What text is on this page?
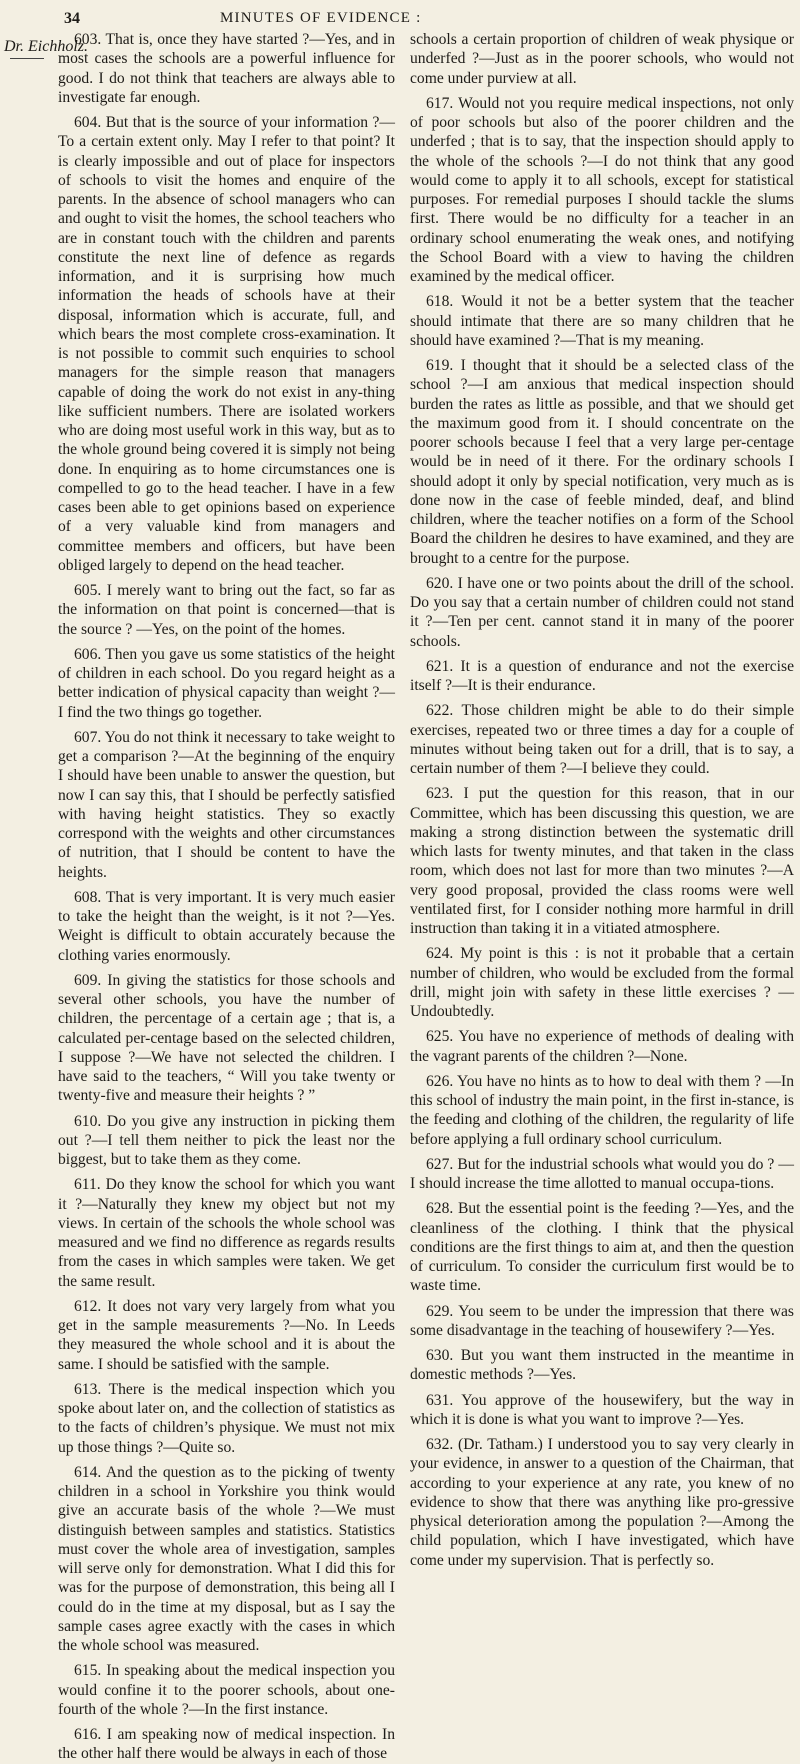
34	MINUTES OF EVIDENCE :
Dr. Eichholz.

603. That is, once they have started ?—Yes, and in most cases the schools are a powerful influence for good. I do not think that teachers are always able to investigate far enough.

604. But that is the source of your information ?—To a certain extent only. May I refer to that point? It is clearly impossible and out of place for inspectors of schools to visit the homes and enquire of the parents. In the absence of school managers who can and ought to visit the homes, the school teachers who are in constant touch with the children and parents constitute the next line of defence as regards information, and it is surprising how much information the heads of schools have at their disposal, information which is accurate, full, and which bears the most complete cross-examination. It is not possible to commit such enquiries to school managers for the simple reason that managers capable of doing the work do not exist in any-thing like sufficient numbers. There are isolated workers who are doing most useful work in this way, but as to the whole ground being covered it is simply not being done. In enquiring as to home circumstances one is compelled to go to the head teacher. I have in a few cases been able to get opinions based on experience of a very valuable kind from managers and committee members and officers, but have been obliged largely to depend on the head teacher.

605. I merely want to bring out the fact, so far as the information on that point is concerned—that is the source ? —Yes, on the point of the homes.

606. Then you gave us some statistics of the height of children in each school. Do you regard height as a better indication of physical capacity than weight ?—I find the two things go together.

607. You do not think it necessary to take weight to get a comparison ?—At the beginning of the enquiry I should have been unable to answer the question, but now I can say this, that I should be perfectly satisfied with having height statistics. They so exactly correspond with the weights and other circumstances of nutrition, that I should be content to have the heights.

608. That is very important. It is very much easier to take the height than the weight, is it not ?—Yes. Weight is difficult to obtain accurately because the clothing varies enormously.

609. In giving the statistics for those schools and several other schools, you have the number of children, the percentage of a certain age ; that is, a calculated per-centage based on the selected children, I suppose ?—We have not selected the children. I have said to the teachers, “ Will you take twenty or twenty-five and measure their heights ? ”

610. Do you give any instruction in picking them out ?—I tell them neither to pick the least nor the biggest, but to take them as they come.

611. Do they know the school for which you want it ?—Naturally they knew my object but not my views. In certain of the schools the whole school was measured and we find no difference as regards results from the cases in which samples were taken. We get the same result.

612. It does not vary very largely from what you get in the sample measurements ?—No. In Leeds they measured the whole school and it is about the same. I should be satisfied with the sample.

613. There is the medical inspection which you spoke about later on, and the collection of statistics as to the facts of children’s physique. We must not mix up those things ?—Quite so.

614. And the question as to the picking of twenty children in a school in Yorkshire you think would give an accurate basis of the whole ?—We must distinguish between samples and statistics. Statistics must cover the whole area of investigation, samples will serve only for demonstration. What I did this for was for the purpose of demonstration, this being all I could do in the time at my disposal, but as I say the sample cases agree exactly with the cases in which the whole school was measured.

615. In speaking about the medical inspection you would confine it to the poorer schools, about one-fourth of the whole ?—In the first instance.

616. I am speaking now of medical inspection. In the other half there would be always in each of those

schools a certain proportion of children of weak physique or underfed ?—Just as in the poorer schools, who would not come under purview at all.

617. Would not you require medical inspections, not only of poor schools but also of the poorer children and the underfed ; that is to say, that the inspection should apply to the whole of the schools ?—I do not think that any good would come to apply it to all schools, except for statistical purposes. For remedial purposes I should tackle the slums first. There would be no difficulty for a teacher in an ordinary school enumerating the weak ones, and notifying the School Board with a view to having the children examined by the medical officer.

618. Would it not be a better system that the teacher should intimate that there are so many children that he should have examined ?—That is my meaning.

619. I thought that it should be a selected class of the school ?—I am anxious that medical inspection should burden the rates as little as possible, and that we should get the maximum good from it. I should concentrate on the poorer schools because I feel that a very large per-centage would be in need of it there. For the ordinary schools I should adopt it only by special notification, very much as is done now in the case of feeble minded, deaf, and blind children, where the teacher notifies on a form of the School Board the children he desires to have examined, and they are brought to a centre for the purpose.

620. I have one or two points about the drill of the school. Do you say that a certain number of children could not stand it ?—Ten per cent. cannot stand it in many of the poorer schools.

621. It is a question of endurance and not the exercise itself ?—It is their endurance.

622. Those children might be able to do their simple exercises, repeated two or three times a day for a couple of minutes without being taken out for a drill, that is to say, a certain number of them ?—I believe they could.

623. I put the question for this reason, that in our Committee, which has been discussing this question, we are making a strong distinction between the systematic drill which lasts for twenty minutes, and that taken in the class room, which does not last for more than two minutes ?—A very good proposal, provided the class rooms were well ventilated first, for I consider nothing more harmful in drill instruction than taking it in a vitiated atmosphere.

624. My point is this : is not it probable that a certain number of children, who would be excluded from the formal drill, might join with safety in these little exercises ? —Undoubtedly.

625. You have no experience of methods of dealing with the vagrant parents of the children ?—None.

626. You have no hints as to how to deal with them ? —In this school of industry the main point, in the first in-stance, is the feeding and clothing of the children, the regularity of life before applying a full ordinary school curriculum.

627. But for the industrial schools what would you do ? —I should increase the time allotted to manual occupa-tions.

628. But the essential point is the feeding ?—Yes, and the cleanliness of the clothing. I think that the physical conditions are the first things to aim at, and then the question of curriculum. To consider the curriculum first would be to waste time.

629. You seem to be under the impression that there was some disadvantage in the teaching of housewifery ?—Yes.

630. But you want them instructed in the meantime in domestic methods ?—Yes.

631. You approve of the housewifery, but the way in which it is done is what you want to improve ?—Yes.

632. (Dr. Tatham.) I understood you to say very clearly in your evidence, in answer to a question of the Chairman, that according to your experience at any rate, you knew of no evidence to show that there was anything like pro-gressive physical deterioration among the population ?—Among the child population, which I have investigated, which have come under my supervision. That is perfectly so.
